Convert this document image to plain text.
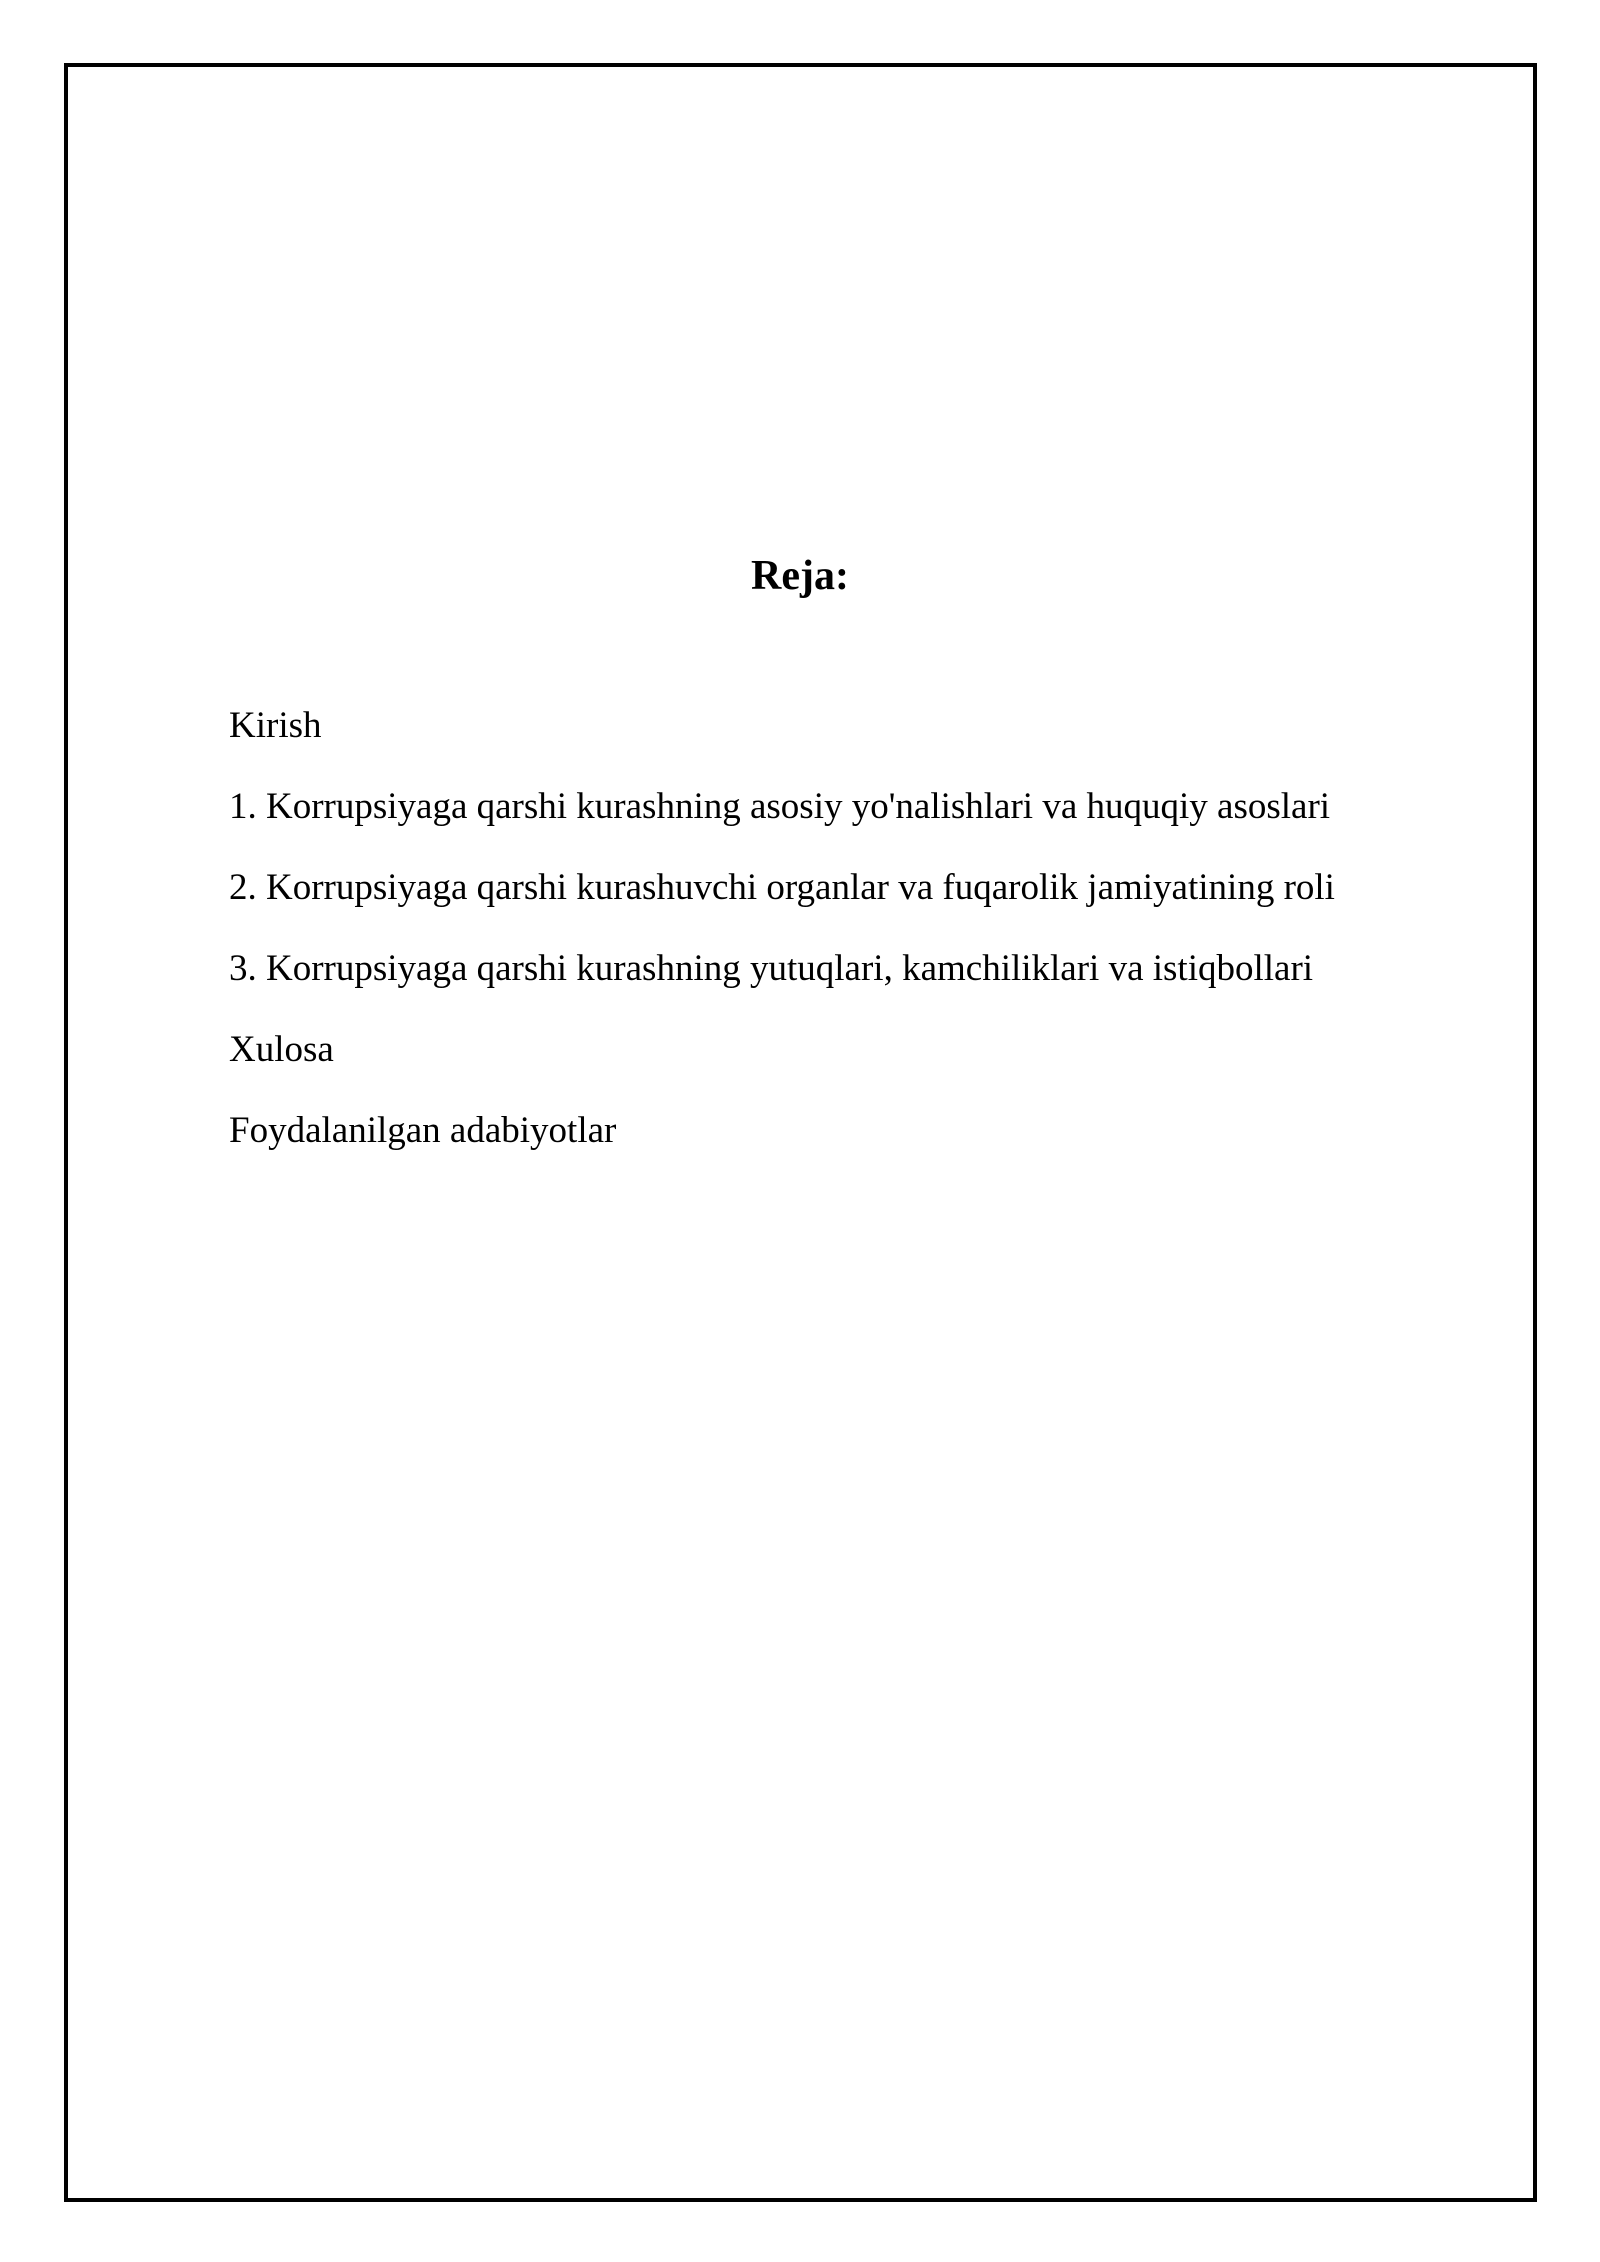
Reja:
Kirish
1. Korrupsiyaga qarshi kurashning asosiy yo'nalishlari va huquqiy asoslari
2. Korrupsiyaga qarshi kurashuvchi organlar va fuqarolik jamiyatining roli
3. Korrupsiyaga qarshi kurashning yutuqlari, kamchiliklari va istiqbollari
Xulosa
Foydalanilgan adabiyotlar
